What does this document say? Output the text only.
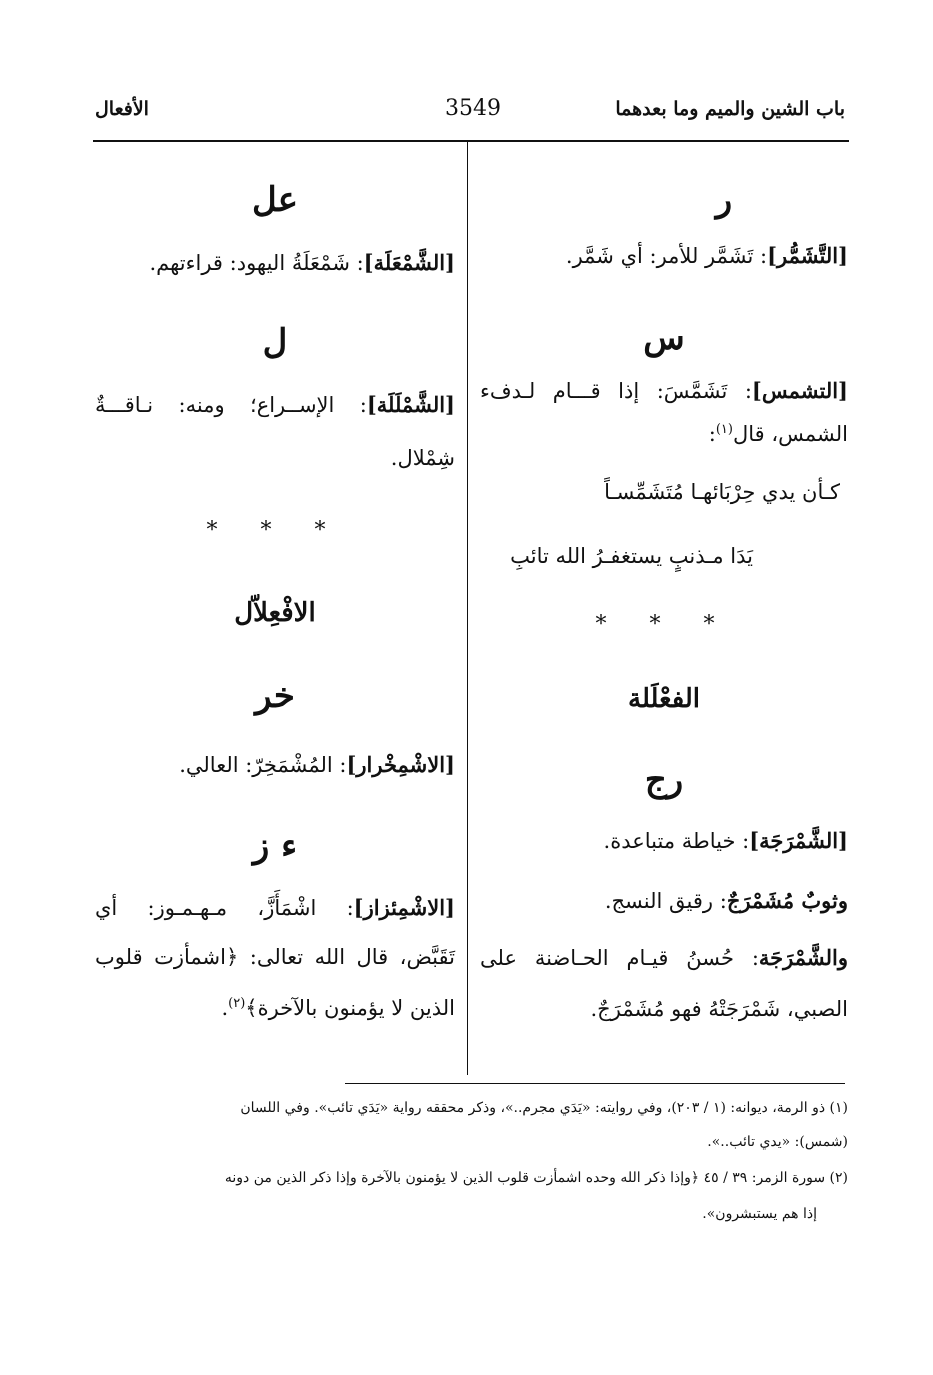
باب الشين والميم وما بعدهما
3549
الأفعال
ر
[التَّشَمُّر]: تَشَمَّر للأمر: أي شَمَّر.
س
[التشمس]: تَشَمَّسَ: إذا قـــام لـدفء
الشمس، قال$^{(١)}$:
كـأن يدي حِرْبَائهـا مُتَشَمِّسـاً
يَدَا مـذنبٍ يستغفـرُ الله تائبِ
* * *
الفعْلَلة
رج
[الشَّمْرَجَة]: خياطة متباعدة.
وثوبٌ مُشَمْرَجٌ: رقيق النسج.
والشَّمْرَجَة: حُسنُ قيـام الحـاضنة على
الصبي، شَمْرَجَتْهُ فهو مُشَمْرَجٌ.
عل
[الشَّمْعَلَة]: شَمْعَلَةُ اليهود: قراءتهم.
ل
[الشَّمْلَلَة]: الإســراع؛ ومنه: نـاقـــةٌ
شِمْلال.
* * *
الافْعِلاّل
خر
[الاشْمِخْرار]: المُشْمَخِرّ: العالي.
ء ز
[الاشْمِئزاز]: اشْمَأَزَّ، مـهـمـوز: أي
تَقَبَّض، قال الله تعالى: ﴿اشمأزت قلوب
الذين لا يؤمنون بالآخرة﴾$^{(٢)}$.
(١) ذو الرمة، ديوانه: (١ / ٢٠٣)، وفي روايته: «يَدَي مجرم..»، وذكر محققه رواية «يَدَي تائب». وفي اللسان
(شمس): «يدي تائب..».
(٢) سورة الزمر: ٣٩ / ٤٥ ﴿وإذا ذكر الله وحده اشمأزت قلوب الذين لا يؤمنون بالآخرة وإذا ذكر الذين من دونه
إذا هم يستبشرون».
